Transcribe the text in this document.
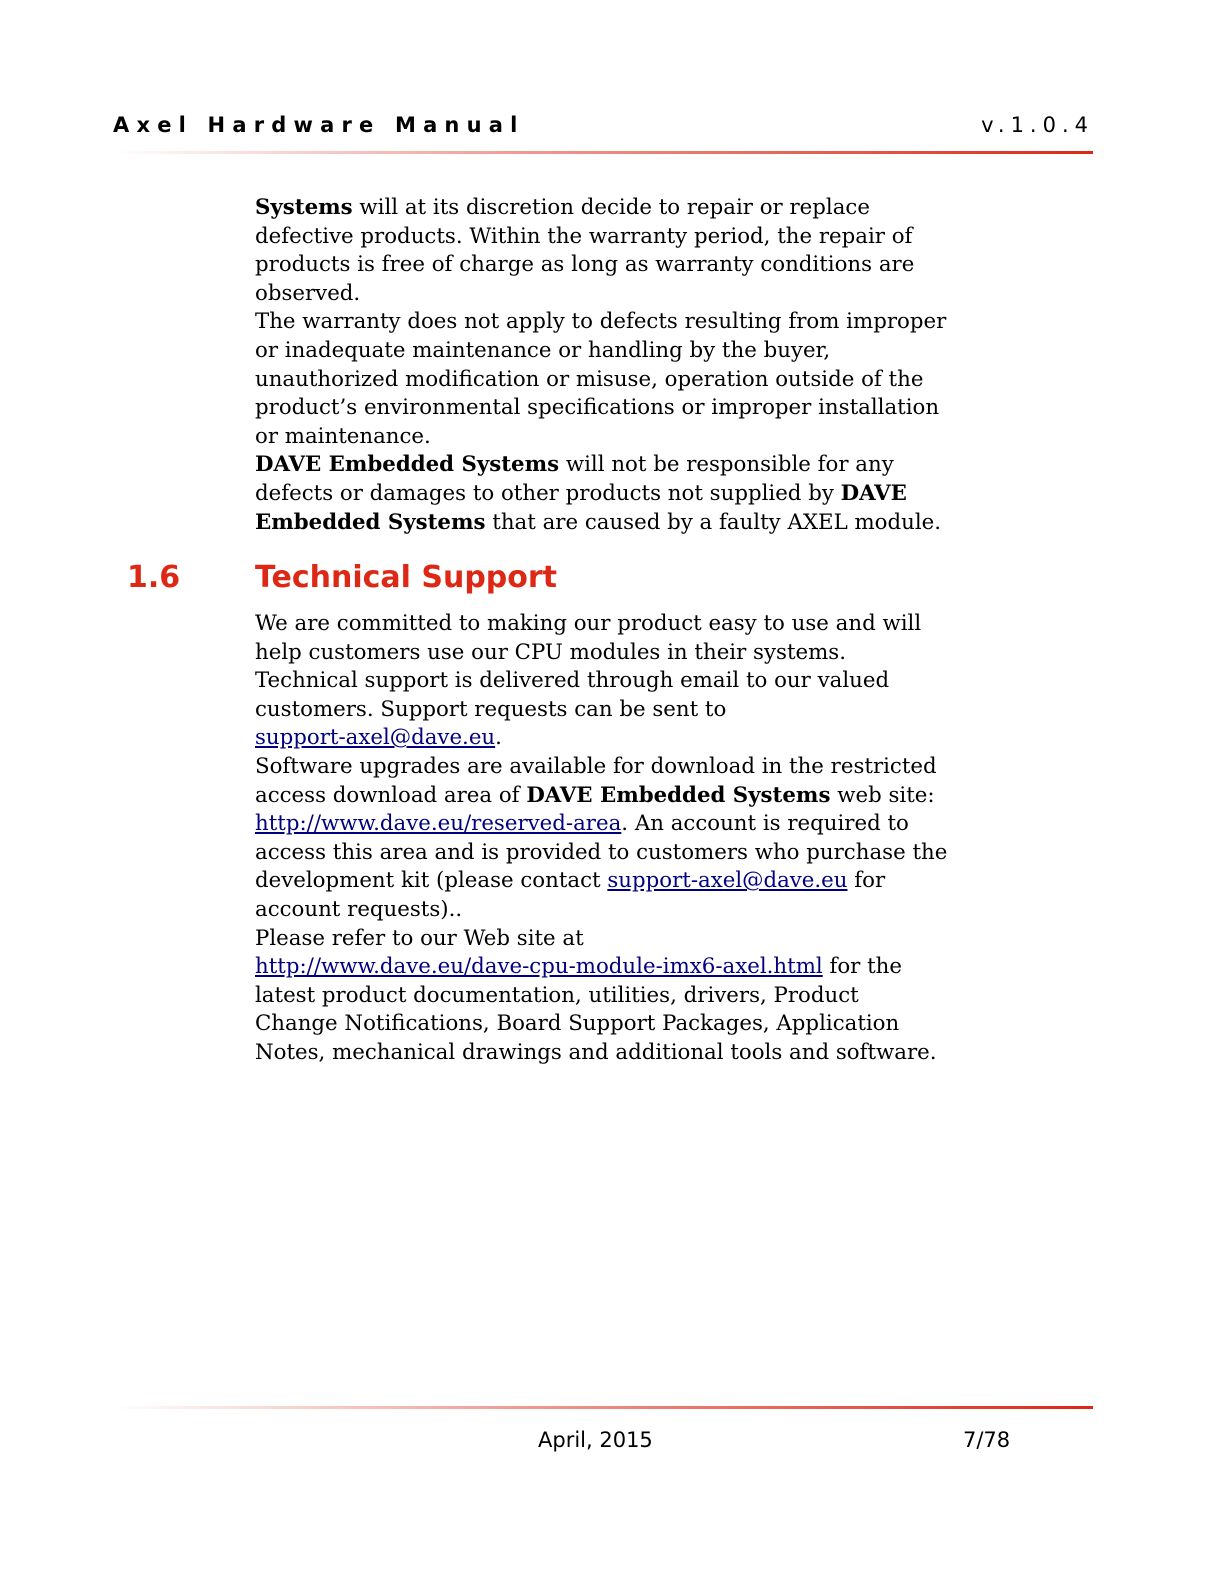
Axel Hardware Manual	v.1.0.4
Systems will at its discretion decide to repair or replace
defective products. Within the warranty period, the repair of
products is free of charge as long as warranty conditions are
observed.
The warranty does not apply to defects resulting from improper
or inadequate maintenance or handling by the buyer,
unauthorized modification or misuse, operation outside of the
product’s environmental specifications or improper installation
or maintenance.
DAVE Embedded Systems will not be responsible for any
defects or damages to other products not supplied by DAVE
Embedded Systems that are caused by a faulty AXEL module.
1.6 Technical Support
We are committed to making our product easy to use and will
help customers use our CPU modules in their systems.
Technical support is delivered through email to our valued
customers. Support requests can be sent to
support-axel@dave.eu.
Software upgrades are available for download in the restricted
access download area of DAVE Embedded Systems web site:
http://www.dave.eu/reserved-area. An account is required to
access this area and is provided to customers who purchase the
development kit (please contact support-axel@dave.eu for
account requests)..
Please refer to our Web site at
http://www.dave.eu/dave-cpu-module-imx6-axel.html for the
latest product documentation, utilities, drivers, Product
Change Notifications, Board Support Packages, Application
Notes, mechanical drawings and additional tools and software.
April, 2015	7/78
